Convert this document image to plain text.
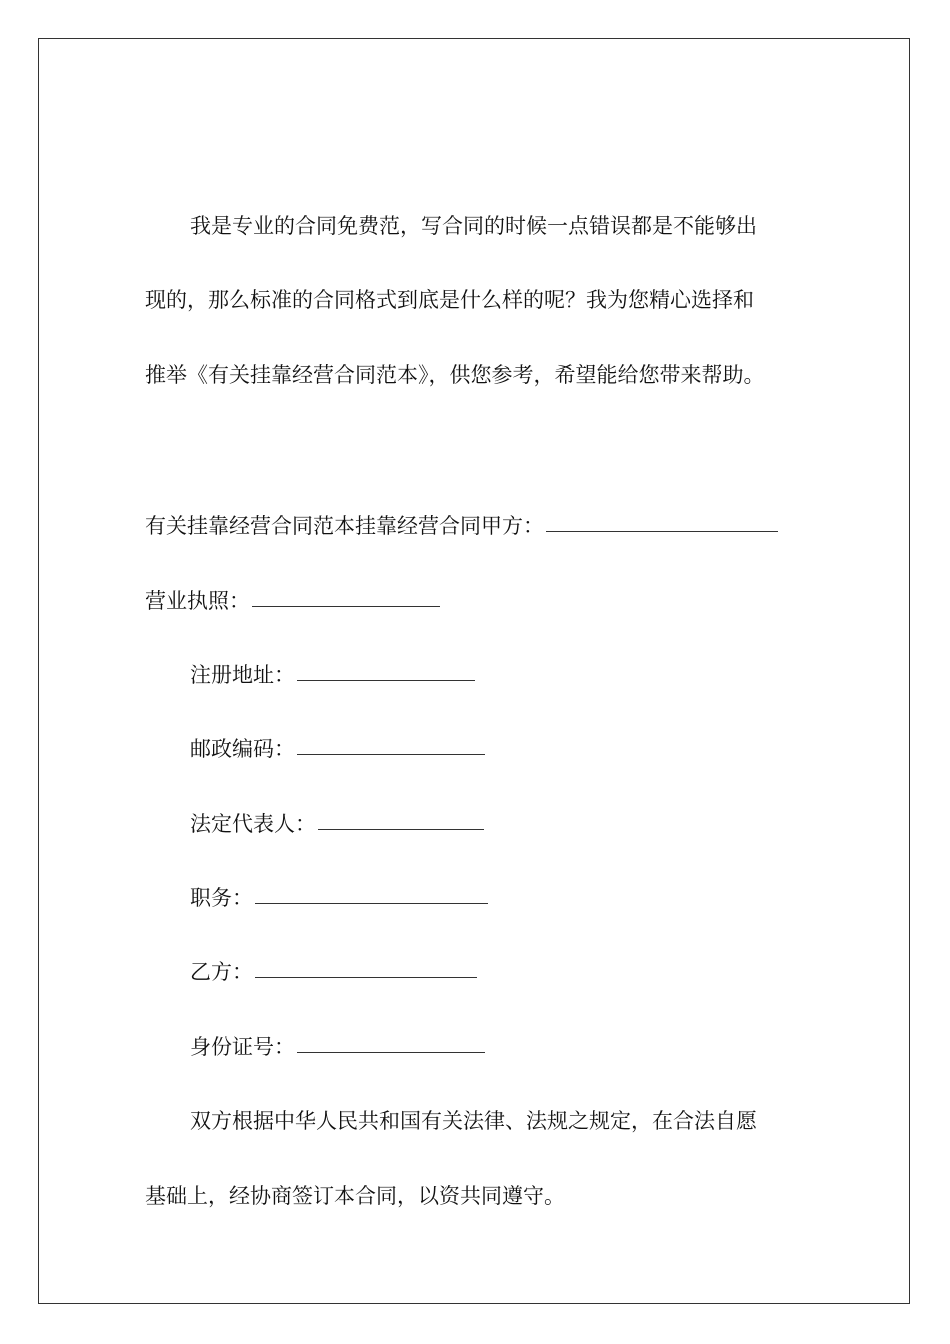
我是专业的合同免费范，写合同的时候一点错误都是不能够出
现的，那么标准的合同格式到底是什么样的呢？我为您精心选择和
推举《有关挂靠经营合同范本》，供您参考，希望能给您带来帮助。
有关挂靠经营合同范本挂靠经营合同甲方：
营业执照：
注册地址：
邮政编码：
法定代表人：
职务：
乙方：
身份证号：
双方根据中华人民共和国有关法律、法规之规定，在合法自愿
基础上，经协商签订本合同，以资共同遵守。
